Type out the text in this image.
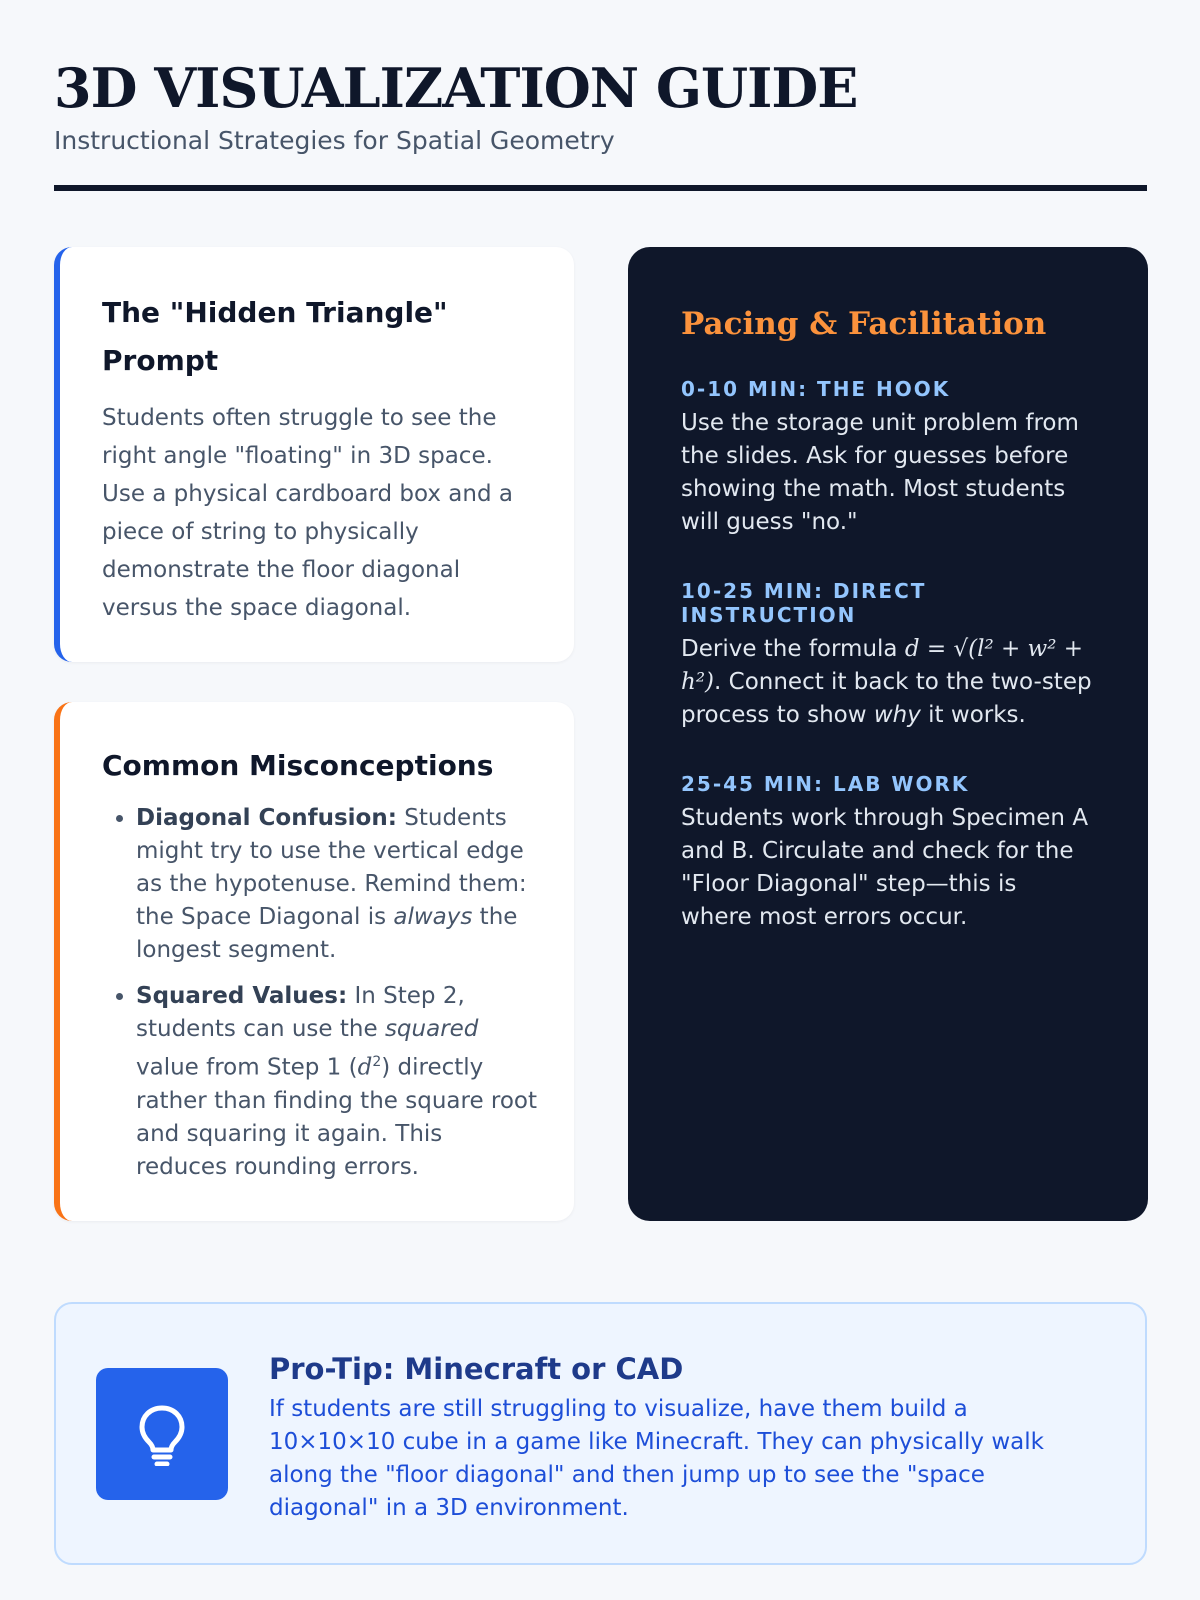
3D VISUALIZATION GUIDE
Instructional Strategies for Spatial Geometry
The "Hidden Triangle" Prompt

Students often struggle to see the right angle "floating" in 3D space. Use a physical cardboard box and a piece of string to physically demonstrate the floor diagonal versus the space diagonal.

Common Misconceptions
• Diagonal Confusion: Students might try to use the vertical edge as the hypotenuse. Remind them: the Space Diagonal is always the longest segment.
• Squared Values: In Step 2, students can use the squared value from Step 1 $(d^2)$ directly rather than finding the square root and squaring it again. This reduces rounding errors.
Pacing & Facilitation
0-10 MIN: THE HOOK
Use the storage unit problem from the slides. Ask for guesses before showing the math. Most students will guess "no."
10-25 MIN: DIRECT INSTRUCTION
Derive the formula d = √(l² + w² + h²). Connect it back to the two-step process to show why it works.
25-45 MIN: LAB WORK
Students work through Specimen A and B. Circulate and check for the "Floor Diagonal" step—this is where most errors occur.
Pro-Tip: Minecraft or CAD
If students are still struggling to visualize, have them build a 10×10×10 cube in a game like Minecraft. They can physically walk along the "floor diagonal" and then jump up to see the "space diagonal" in a 3D environment.
